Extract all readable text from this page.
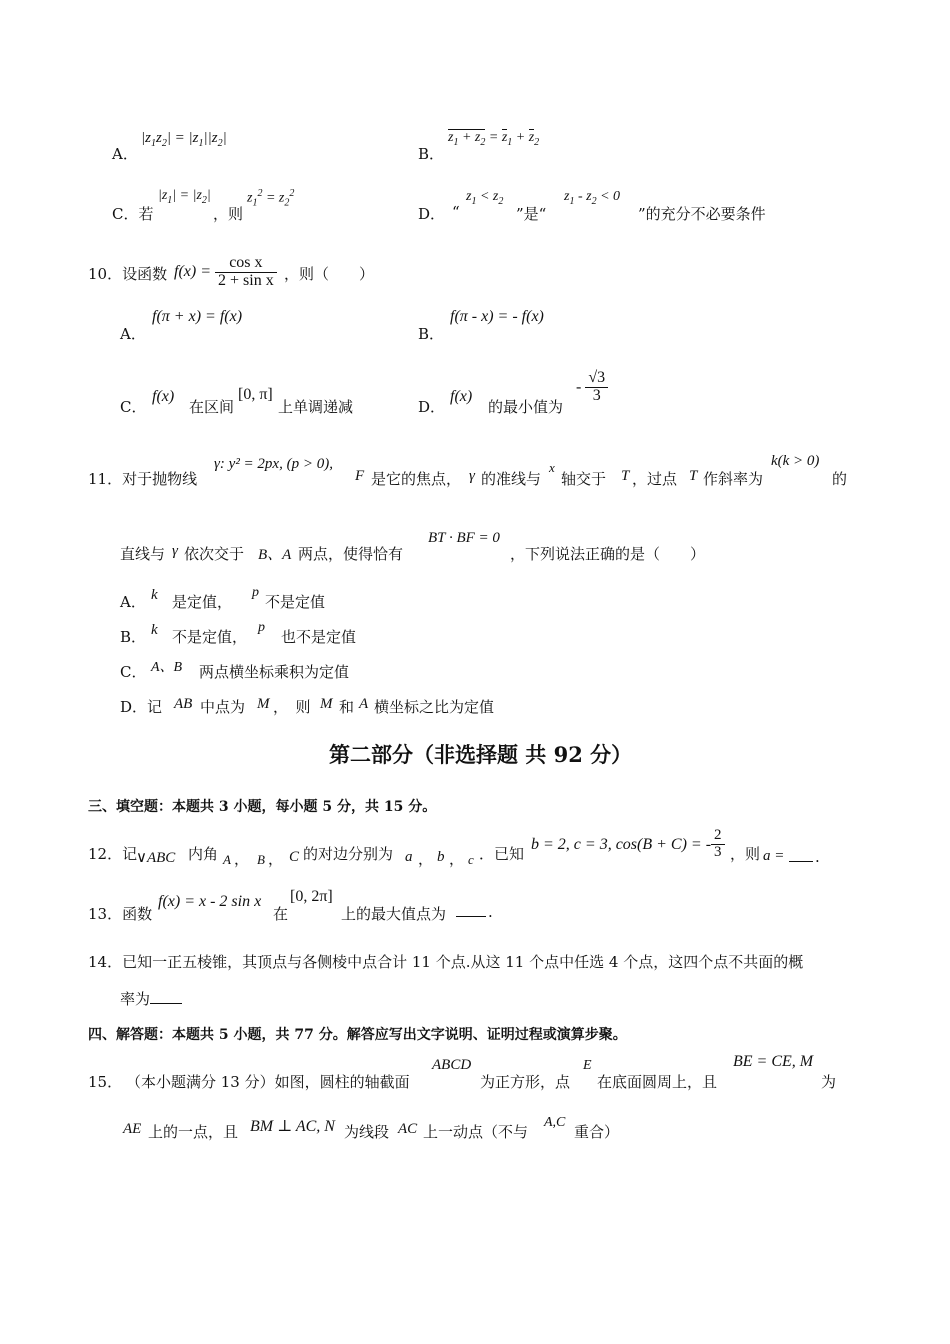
A．
$|z_1z_2| = |z_1||z_2|$
B．
$z_1 + z_2 = z_1 + z_2$
C．若
$|z_1| = |z_2|$
，则
$z_1^2 = z_2^2$
D． “
$z_1 < z_2$
”是“
$z_1 - z_2 < 0$
”的充分不必要条件
10．设函数 $f(x) = \frac{\text{cos x}}{\text{2 + sin x}}$ ，则（　　）
A．
f(π + x) = f(x)
B．
f(π - x) = - f(x)
C．
f(x)
在区间
[0, π]
上单调递减	D．
f(x)
的最小值为
- $\frac{√3}{3}$
11．对于抛物线
γ: y² = 2px, (p > 0),
F 是它的焦点， γ 的准线与
x
轴交于 T ，过点 T 作斜率为
k(k > 0)
的
直线与 γ 依次交于 B、A 两点，使得恰有
BT · BF = 0
，下列说法正确的是（　　）
A． k 是定值，
p
不是定值
B． k 不是定值，
p
也不是定值
C． A、B 两点横坐标乘积为定值
D．记 AB 中点为 M ，　则 M 和 A 横坐标之比为定值
第二部分（非选择题 共 92 分）
三、填空题：本题共 3 小题，每小题 5 分，共 15 分。
12．记
∨ABC 内角 A ， B ， C 的对边分别为 a ， b ， c ．已知
b = 2, c = 3, cos(B + C) = - $\frac{2}{3}$ ，则 a = .
13．函数
f(x) = x - 2 sin x
在
[0, 2π]
上的最大值点为	.
14．已知一正五棱锥，其顶点与各侧棱中点合计 11 个点.从这 11 个点中任选 4 个点，这四个点不共面的概
率为
四、解答题：本题共 5 小题，共 77 分。解答应写出文字说明、证明过程或演算步聚。
15． （本小题满分 13 分）如图，圆柱的轴截面
ABCD
为正方形，点
E
在底面圆周上，且
BE = CE, M
为
AE 上的一点，且 BM ⊥ AC, N 为线段 AC 上一动点（不与
A,C
重合）
